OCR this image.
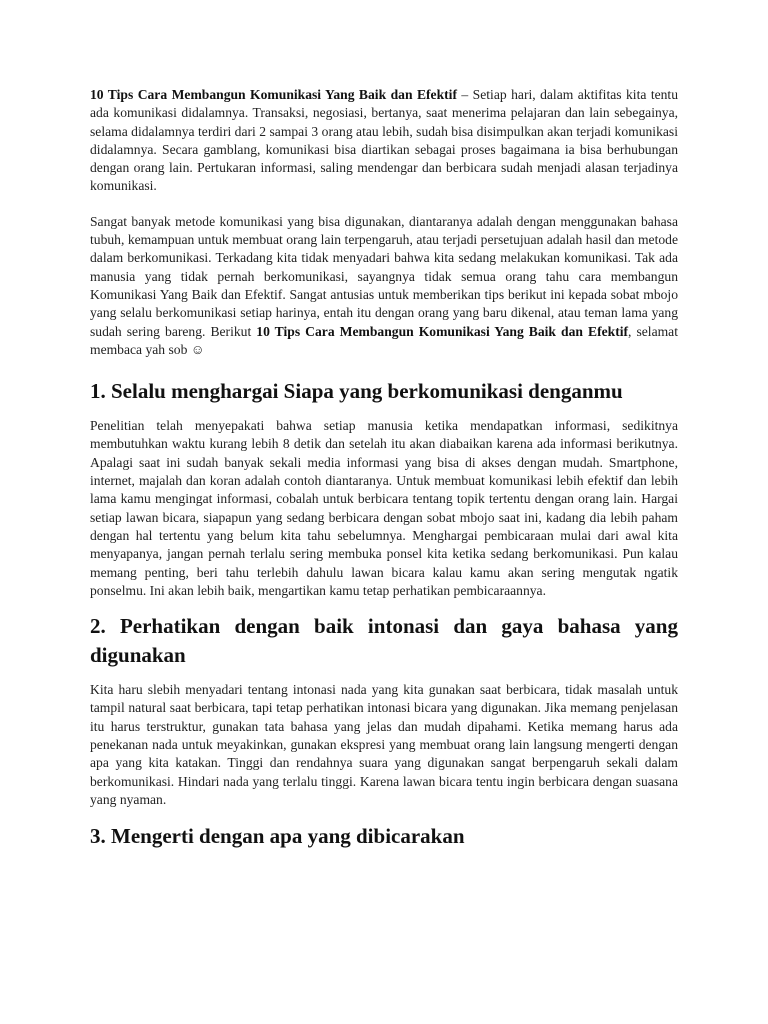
10 Tips Cara Membangun Komunikasi Yang Baik dan Efektif – Setiap hari, dalam aktifitas kita tentu ada komunikasi didalamnya. Transaksi, negosiasi, bertanya, saat menerima pelajaran dan lain sebegainya, selama didalamnya terdiri dari 2 sampai 3 orang atau lebih, sudah bisa disimpulkan akan terjadi komunikasi didalamnya. Secara gamblang, komunikasi bisa diartikan sebagai proses bagaimana ia bisa berhubungan dengan orang lain. Pertukaran informasi, saling mendengar dan berbicara sudah menjadi alasan terjadinya komunikasi.

Sangat banyak metode komunikasi yang bisa digunakan, diantaranya adalah dengan menggunakan bahasa tubuh, kemampuan untuk membuat orang lain terpengaruh, atau terjadi persetujuan adalah hasil dan metode dalam berkomunikasi. Terkadang kita tidak menyadari bahwa kita sedang melakukan komunikasi. Tak ada manusia yang tidak pernah berkomunikasi, sayangnya tidak semua orang tahu cara membangun Komunikasi Yang Baik dan Efektif. Sangat antusias untuk memberikan tips berikut ini kepada sobat mbojo yang selalu berkomunikasi setiap harinya, entah itu dengan orang yang baru dikenal, atau teman lama yang sudah sering bareng. Berikut 10 Tips Cara Membangun Komunikasi Yang Baik dan Efektif, selamat membaca yah sob ☺

1. Selalu menghargai Siapa yang berkomunikasi denganmu

Penelitian telah menyepakati bahwa setiap manusia ketika mendapatkan informasi, sedikitnya membutuhkan waktu kurang lebih 8 detik dan setelah itu akan diabaikan karena ada informasi berikutnya. Apalagi saat ini sudah banyak sekali media informasi yang bisa di akses dengan mudah. Smartphone, internet, majalah dan koran adalah contoh diantaranya. Untuk membuat komunikasi lebih efektif dan lebih lama kamu mengingat informasi, cobalah untuk berbicara tentang topik tertentu dengan orang lain. Hargai setiap lawan bicara, siapapun yang sedang berbicara dengan sobat mbojo saat ini, kadang dia lebih paham dengan hal tertentu yang belum kita tahu sebelumnya. Menghargai pembicaraan mulai dari awal kita menyapanya, jangan pernah terlalu sering membuka ponsel kita ketika sedang berkomunikasi. Pun kalau memang penting, beri tahu terlebih dahulu lawan bicara kalau kamu akan sering mengutak ngatik ponselmu. Ini akan lebih baik, mengartikan kamu tetap perhatikan pembicaraannya.

2. Perhatikan dengan baik intonasi dan gaya bahasa yang digunakan

Kita haru slebih menyadari tentang intonasi nada yang kita gunakan saat berbicara, tidak masalah untuk tampil natural saat berbicara, tapi tetap perhatikan intonasi bicara yang digunakan. Jika memang penjelasan itu harus terstruktur, gunakan tata bahasa yang jelas dan mudah dipahami. Ketika memang harus ada penekanan nada untuk meyakinkan, gunakan ekspresi yang membuat orang lain langsung mengerti dengan apa yang kita katakan. Tinggi dan rendahnya suara yang digunakan sangat berpengaruh sekali dalam berkomunikasi. Hindari nada yang terlalu tinggi. Karena lawan bicara tentu ingin berbicara dengan suasana yang nyaman.

3. Mengerti dengan apa yang dibicarakan
